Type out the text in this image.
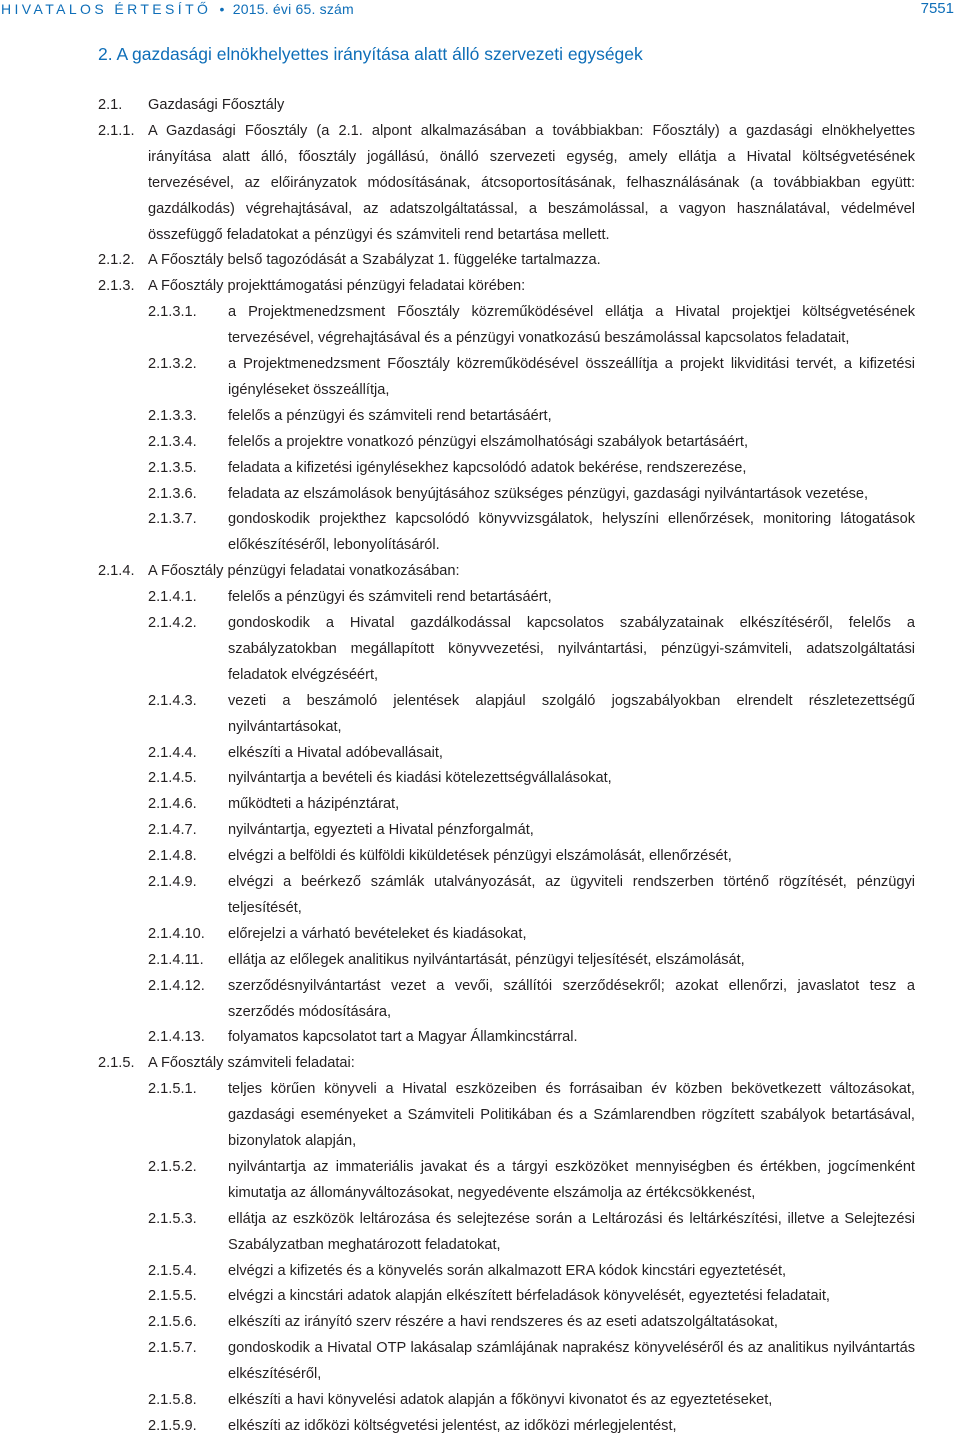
HIVATALOS ÉRTESÍTŐ  •  2015. évi 65. szám	7551
2. A gazdasági elnökhelyettes irányítása alatt álló szervezeti egységek
2.1. Gazdasági Főosztály
2.1.1. A Gazdasági Főosztály (a 2.1. alpont alkalmazásában a továbbiakban: Főosztály) a gazdasági elnökhelyettes
irányítása alatt álló, főosztály jogállású, önálló szervezeti egység, amely ellátja a Hivatal költségvetésének
tervezésével, az előirányzatok módosításának, átcsoportosításának, felhasználásának (a továbbiakban együtt:
gazdálkodás) végrehajtásával, az adatszolgáltatással, a beszámolással, a vagyon használatával, védelmével
összefüggő feladatokat a pénzügyi és számviteli rend betartása mellett.
2.1.2. A Főosztály belső tagozódását a Szabályzat 1. függeléke tartalmazza.
2.1.3. A Főosztály projekttámogatási pénzügyi feladatai körében:
2.1.3.1. a Projektmenedzsment Főosztály közreműködésével ellátja a Hivatal projektjei költségvetésének
tervezésével, végrehajtásával és a pénzügyi vonatkozású beszámolással kapcsolatos feladatait,
2.1.3.2. a Projektmenedzsment Főosztály közreműködésével összeállítja a projekt likviditási tervét, a kifizetési
igényléseket összeállítja,
2.1.3.3. felelős a pénzügyi és számviteli rend betartásáért,
2.1.3.4. felelős a projektre vonatkozó pénzügyi elszámolhatósági szabályok betartásáért,
2.1.3.5. feladata a kifizetési igénylésekhez kapcsolódó adatok bekérése, rendszerezése,
2.1.3.6. feladata az elszámolások benyújtásához szükséges pénzügyi, gazdasági nyilvántartások vezetése,
2.1.3.7. gondoskodik projekthez kapcsolódó könyvvizsgálatok, helyszíni ellenőrzések, monitoring látogatások
előkészítéséről, lebonyolításáról.
2.1.4. A Főosztály pénzügyi feladatai vonatkozásában:
2.1.4.1. felelős a pénzügyi és számviteli rend betartásáért,
2.1.4.2. gondoskodik a Hivatal gazdálkodással kapcsolatos szabályzatainak elkészítéséről, felelős a
szabályzatokban megállapított könyvvezetési, nyilvántartási, pénzügyi-számviteli, adatszolgáltatási
feladatok elvégzéséért,
2.1.4.3. vezeti a beszámoló jelentések alapjául szolgáló jogszabályokban elrendelt részletezettségű
nyilvántartásokat,
2.1.4.4. elkészíti a Hivatal adóbevallásait,
2.1.4.5. nyilvántartja a bevételi és kiadási kötelezettségvállalásokat,
2.1.4.6. működteti a házipénztárat,
2.1.4.7. nyilvántartja, egyezteti a Hivatal pénzforgalmát,
2.1.4.8. elvégzi a belföldi és külföldi kiküldetések pénzügyi elszámolását, ellenőrzését,
2.1.4.9. elvégzi a beérkező számlák utalványozását, az ügyviteli rendszerben történő rögzítését, pénzügyi
teljesítését,
2.1.4.10. előrejelzi a várható bevételeket és kiadásokat,
2.1.4.11. ellátja az előlegek analitikus nyilvántartását, pénzügyi teljesítését, elszámolását,
2.1.4.12. szerződésnyilvántartást vezet a vevői, szállítói szerződésekről; azokat ellenőrzi, javaslatot tesz a
szerződés módosítására,
2.1.4.13. folyamatos kapcsolatot tart a Magyar Államkincstárral.
2.1.5. A Főosztály számviteli feladatai:
2.1.5.1. teljes körűen könyveli a Hivatal eszközeiben és forrásaiban év közben bekövetkezett változásokat,
gazdasági eseményeket a Számviteli Politikában és a Számlarendben rögzített szabályok betartásával,
bizonylatok alapján,
2.1.5.2. nyilvántartja az immateriális javakat és a tárgyi eszközöket mennyiségben és értékben, jogcímenként
kimutatja az állományváltozásokat, negyedévente elszámolja az értékcsökkenést,
2.1.5.3. ellátja az eszközök leltározása és selejtezése során a Leltározási és leltárkészítési, illetve a Selejtezési
Szabályzatban meghatározott feladatokat,
2.1.5.4. elvégzi a kifizetés és a könyvelés során alkalmazott ERA kódok kincstári egyeztetését,
2.1.5.5. elvégzi a kincstári adatok alapján elkészített bérfeladások könyvelését, egyeztetési feladatait,
2.1.5.6. elkészíti az irányító szerv részére a havi rendszeres és az eseti adatszolgáltatásokat,
2.1.5.7. gondoskodik a Hivatal OTP lakásalap számlájának naprakész könyveléséről és az analitikus nyilvántartás
elkészítéséről,
2.1.5.8. elkészíti a havi könyvelési adatok alapján a főkönyvi kivonatot és az egyeztetéseket,
2.1.5.9. elkészíti az időközi költségvetési jelentést, az időközi mérlegjelentést,
